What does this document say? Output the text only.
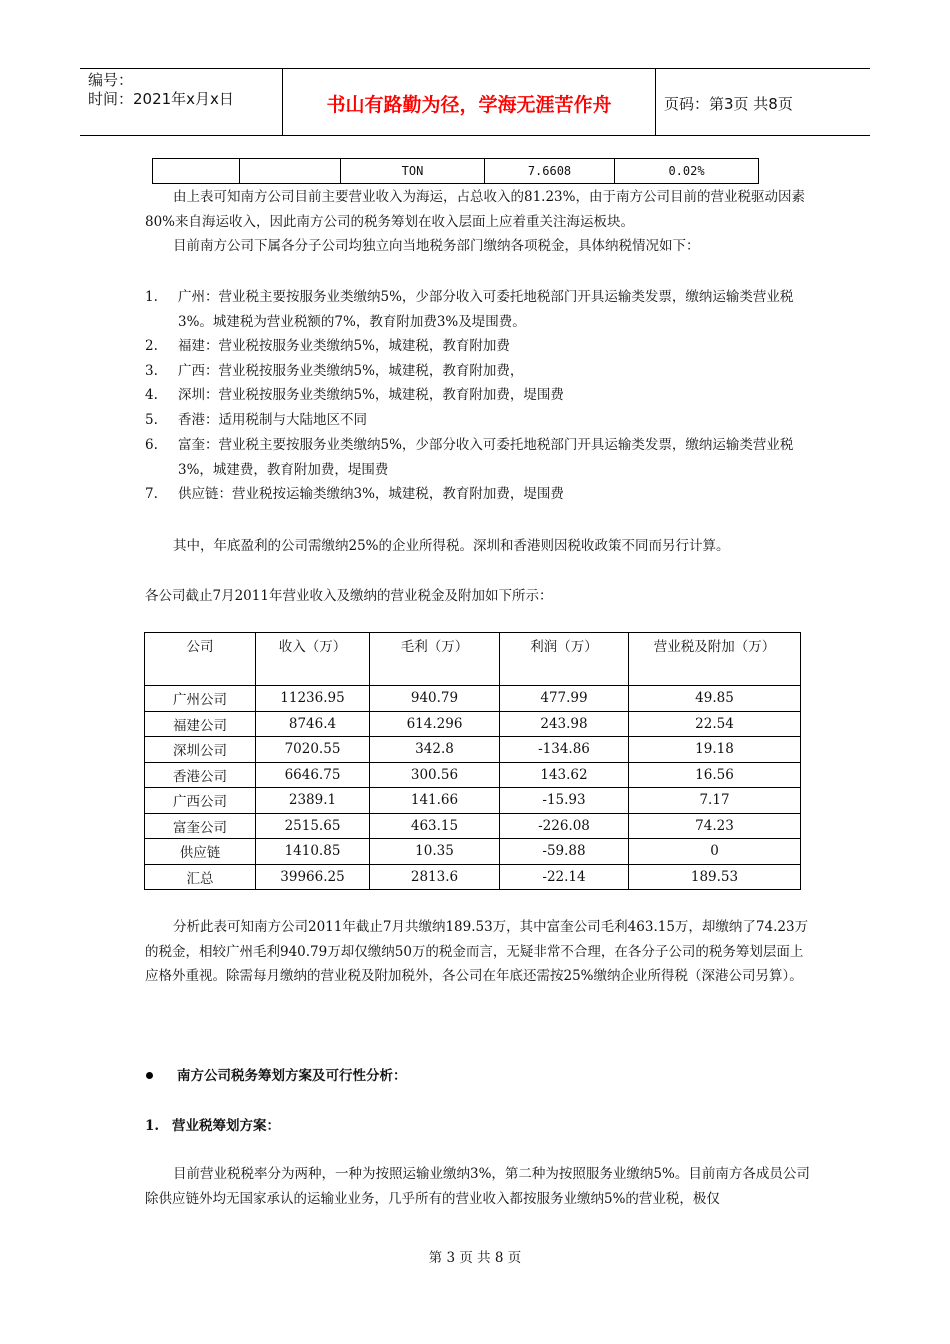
编号：
时间：2021年x月x日	书山有路勤为径，学海无涯苦作舟	页码：第3页 共8页
		TON	7.6608	0.02%

由上表可知南方公司目前主要营业收入为海运，占总收入的81.23%，由于南方公司目前的营业税驱动因素80%来自海运收入，因此南方公司的税务筹划在收入层面上应着重关注海运板块。

目前南方公司下属各分子公司均独立向当地税务部门缴纳各项税金，具体纳税情况如下：

1. 广州：营业税主要按服务业类缴纳5%，少部分收入可委托地税部门开具运输类发票，缴纳运输类营业税3%。城建税为营业税额的7%，教育附加费3%及堤围费。
2. 福建：营业税按服务业类缴纳5%，城建税，教育附加费
3. 广西：营业税按服务业类缴纳5%，城建税，教育附加费，
4. 深圳：营业税按服务业类缴纳5%，城建税，教育附加费，堤围费
5. 香港：适用税制与大陆地区不同
6. 富奎：营业税主要按服务业类缴纳5%，少部分收入可委托地税部门开具运输类发票，缴纳运输类营业税3%，城建费，教育附加费，堤围费
7. 供应链：营业税按运输类缴纳3%，城建税，教育附加费，堤围费

其中，年底盈利的公司需缴纳25%的企业所得税。深圳和香港则因税收政策不同而另行计算。

各公司截止7月2011年营业收入及缴纳的营业税金及附加如下所示：

公司	收入（万）	毛利（万）	利润（万）	营业税及附加（万）
广州公司	11236.95	940.79	477.99	49.85
福建公司	8746.4	614.296	243.98	22.54
深圳公司	7020.55	342.8	-134.86	19.18
香港公司	6646.75	300.56	143.62	16.56
广西公司	2389.1	141.66	-15.93	7.17
富奎公司	2515.65	463.15	-226.08	74.23
供应链	1410.85	10.35	-59.88	0
汇总	39966.25	2813.6	-22.14	189.53

分析此表可知南方公司2011年截止7月共缴纳189.53万，其中富奎公司毛利463.15万，却缴纳了74.23万的税金，相较广州毛利940.79万却仅缴纳50万的税金而言，无疑非常不合理，在各分子公司的税务筹划层面上应格外重视。除需每月缴纳的营业税及附加税外，各公司在年底还需按25%缴纳企业所得税（深港公司另算）。

南方公司税务筹划方案及可行性分析：
1. 营业税筹划方案：

目前营业税税率分为两种，一种为按照运输业缴纳3%，第二种为按照服务业缴纳5%。目前南方各成员公司除供应链外均无国家承认的运输业业务，几乎所有的营业收入都按服务业缴纳5%的营业税，极仅

第 3 页 共 8 页
